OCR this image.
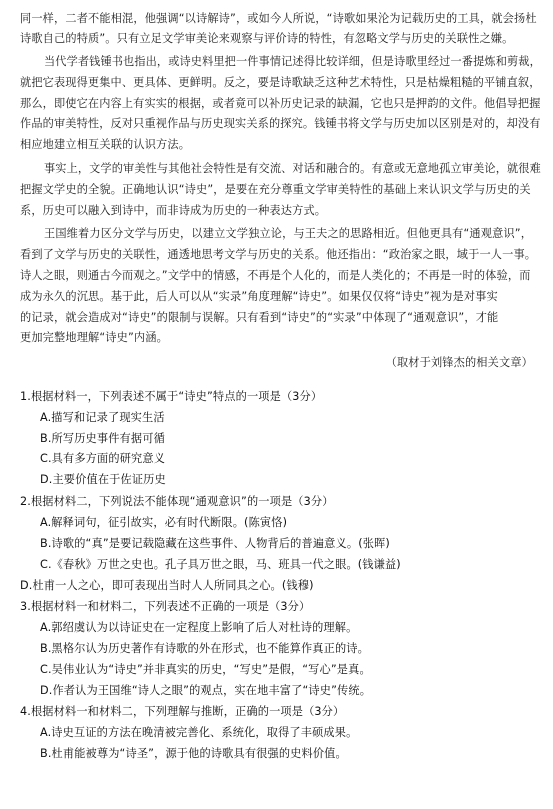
同一样，二者不能相混，他强调“以诗解诗”，或如今人所说，“诗歌如果沦为记载历史的工具，就会扬杜
诗歌自己的特质”。只有立足文学审美论来观察与评价诗的特性，有忽略文学与历史的关联性之嫌。
当代学者钱锺书也指出，或诗史料里把一件事情记述得比较详细，但是诗歌里经过一番提炼和剪裁，
就把它表现得更集中、更具体、更鲜明。反之，要是诗歌缺乏这种艺术特性，只是枯燥粗糙的平铺直叙，
那么，即使它在内容上有实实的根据，或者竟可以补历史记录的缺漏，它也只是押韵的文件。他倡导把握
作品的审美特性，反对只重视作品与历史现实关系的探究。钱锺书将文学与历史加以区别是对的，却没有
相应地建立相互关联的认识方法。
事实上，文学的审美性与其他社会特性是有交流、对话和融合的。有意或无意地孤立审美论，就很难
把握文学史的全貌。正确地认识“诗史”，是要在充分尊重文学审美特性的基础上来认识文学与历史的关
系，历史可以融入到诗中，而非诗成为历史的一种表达方式。
王国维着力区分文学与历史，以建立文学独立论，与王夫之的思路相近。但他更具有“通观意识”，
看到了文学与历史的关联性，通透地思考文学与历史的关系。他还指出：“政治家之眼，域于一人一事。
诗人之眼，则通古今而观之。”文学中的情感，不再是个人化的，而是人类化的；不再是一时的体验，而
成为永久的沉思。基于此，后人可以从“实录”角度理解“诗史”。如果仅仅将“诗史”视为是对事实
的记录，就会造成对“诗史”的限制与误解。只有看到“诗史”的“实录”中体现了“通观意识”，才能
更加完整地理解“诗史”内涵。
（取材于刘锋杰的相关文章）
1.根据材料一，下列表述不属于“诗史”特点的一项是（3分）
A.描写和记录了现实生活
B.所写历史事件有据可循
C.具有多方面的研究意义
D.主要价值在于佐证历史
2.根据材料二，下列说法不能体现“通观意识”的一项是（3分）
A.解释词句，征引故实，必有时代断限。(陈寅恪)
B.诗歌的“真”是要记载隐藏在这些事件、人物背后的普遍意义。(张晖)
C.《春秋》万世之史也。孔子具万世之眼，马、班具一代之眼。(钱谦益)
D.杜甫一人之心，即可表现出当时人人所同具之心。(钱穆)
3.根据材料一和材料二，下列表述不正确的一项是（3分）
A.郭绍虞认为以诗证史在一定程度上影响了后人对杜诗的理解。
B.黑格尔认为历史著作有诗歌的外在形式，也不能算作真正的诗。
C.吴伟业认为“诗史”并非真实的历史，“写史”是假，“写心”是真。
D.作者认为王国维“诗人之眼”的观点，实在地丰富了“诗史”传统。
4.根据材料一和材料二，下列理解与推断，正确的一项是（3分）
A.诗史互证的方法在晚清被完善化、系统化，取得了丰硕成果。
B.杜甫能被尊为“诗圣”，源于他的诗歌具有很强的史料价值。
